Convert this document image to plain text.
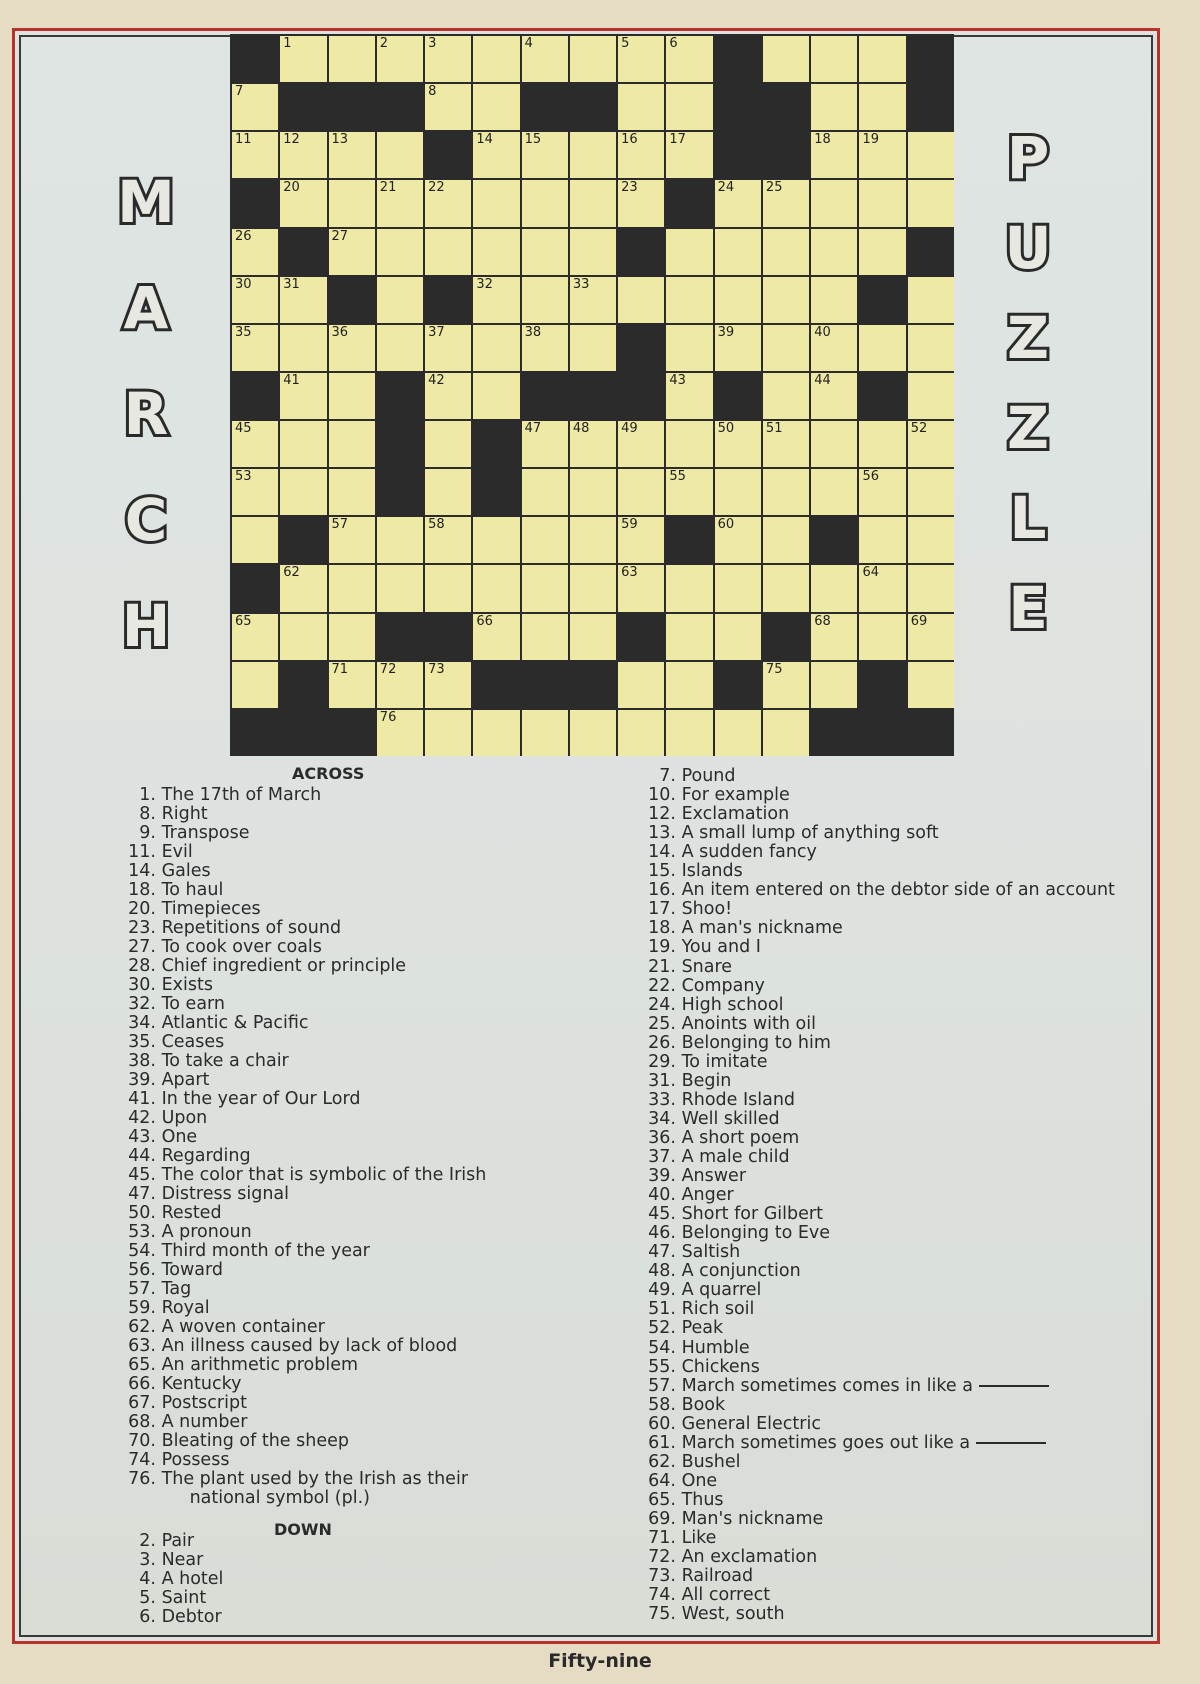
1	2	3	4	5	6
7	8
11 12 13	14 15	16 17	18 19
20	21 22	23	24 25
26	27
30 31	32	33
35	36	37	38	39	40
41	42	43	44
45	47 48 49	50 51	52
53	55	56
57	58	59	60
62	63	64
65	66	68	69
71 72 73	75
76
M
A
R
C
H
P
U
Z
Z
L
E
ACROSS
DOWN
1. The 17th of March
8. Right
9. Transpose
11. Evil
14. Gales
18. To haul
20. Timepieces
23. Repetitions of sound
27. To cook over coals
28. Chief ingredient or principle
30. Exists
32. To earn
34. Atlantic & Pacific
35. Ceases
38. To take a chair
39. Apart
41. In the year of Our Lord
42. Upon
43. One
44. Regarding
45. The color that is symbolic of the Irish
47. Distress signal
50. Rested
53. A pronoun
54. Third month of the year
56. Toward
57. Tag
59. Royal
62. A woven container
63. An illness caused by lack of blood
65. An arithmetic problem
66. Kentucky
67. Postscript
68. A number
70. Bleating of the sheep
74. Possess
76. The plant used by the Irish as their
national symbol (pl.)
2. Pair
3. Near
4. A hotel
5. Saint
6. Debtor
7. Pound
10. For example
12. Exclamation
13. A small lump of anything soft
14. A sudden fancy
15. Islands
16. An item entered on the debtor side of an account
17. Shoo!
18. A man's nickname
19. You and I
21. Snare
22. Company
24. High school
25. Anoints with oil
26. Belonging to him
29. To imitate
31. Begin
33. Rhode Island
34. Well skilled
36. A short poem
37. A male child
39. Answer
40. Anger
45. Short for Gilbert
46. Belonging to Eve
47. Saltish
48. A conjunction
49. A quarrel
51. Rich soil
52. Peak
54. Humble
55. Chickens
57. March sometimes comes in like a
58. Book
60. General Electric
61. March sometimes goes out like a
62. Bushel
64. One
65. Thus
69. Man's nickname
71. Like
72. An exclamation
73. Railroad
74. All correct
75. West, south
Fifty-nine
